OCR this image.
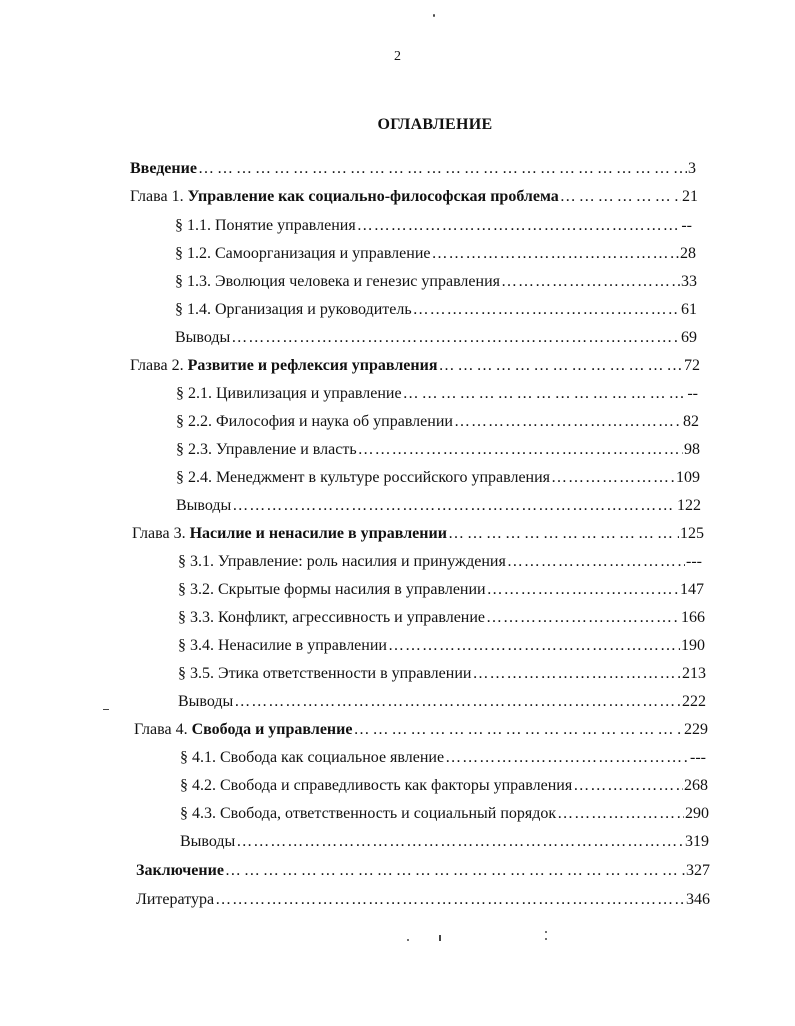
2
ОГЛАВЛЕНИЕ
Введение ……………………………………………………………………………………………………………………………………………………	3
Глава 1. Управление как социально-философская проблема ……………………………………………………………………………………………………………………………………………………	21
§ 1.1. Понятие управления ……………………………………………………………………………………………………………………………………………………	--
§ 1.2. Самоорганизация и управление ……………………………………………………………………………………………………………………………………………………	28
§ 1.3. Эволюция человека и генезис управления ……………………………………………………………………………………………………………………………………………………	33
§ 1.4. Организация и руководитель ……………………………………………………………………………………………………………………………………………………	61
Выводы ……………………………………………………………………………………………………………………………………………………	69
Глава 2. Развитие и рефлексия управления ……………………………………………………………………………………………………………………………………………………	72
§ 2.1. Цивилизация и управление ……………………………………………………………………………………………………………………………………………………	--
§ 2.2. Философия и наука об управлении ……………………………………………………………………………………………………………………………………………………	82
§ 2.3. Управление и власть ……………………………………………………………………………………………………………………………………………………	98
§ 2.4. Менеджмент в культуре российского управления ……………………………………………………………………………………………………………………………………………………	109
Выводы ……………………………………………………………………………………………………………………………………………………	122
Глава 3. Насилие и ненасилие в управлении ……………………………………………………………………………………………………………………………………………………	125
§ 3.1. Управление: роль насилия и принуждения ……………………………………………………………………………………………………………………………………………………	---
§ 3.2. Скрытые формы насилия в управлении ……………………………………………………………………………………………………………………………………………………	147
§ 3.3. Конфликт, агрессивность и управление ……………………………………………………………………………………………………………………………………………………	166
§ 3.4. Ненасилие в управлении ……………………………………………………………………………………………………………………………………………………	190
§ 3.5. Этика ответственности в управлении ……………………………………………………………………………………………………………………………………………………	213
Выводы ……………………………………………………………………………………………………………………………………………………	222
Глава 4. Свобода и управление ……………………………………………………………………………………………………………………………………………………	229
§ 4.1. Свобода как социальное явление ……………………………………………………………………………………………………………………………………………………	---
§ 4.2. Свобода и справедливость как факторы управления ……………………………………………………………………………………………………………………………………………………	268
§ 4.3. Свобода, ответственность и социальный порядок ……………………………………………………………………………………………………………………………………………………	290
Выводы ……………………………………………………………………………………………………………………………………………………	319
Заключение ……………………………………………………………………………………………………………………………………………………	327
Литература ……………………………………………………………………………………………………………………………………………………	346
